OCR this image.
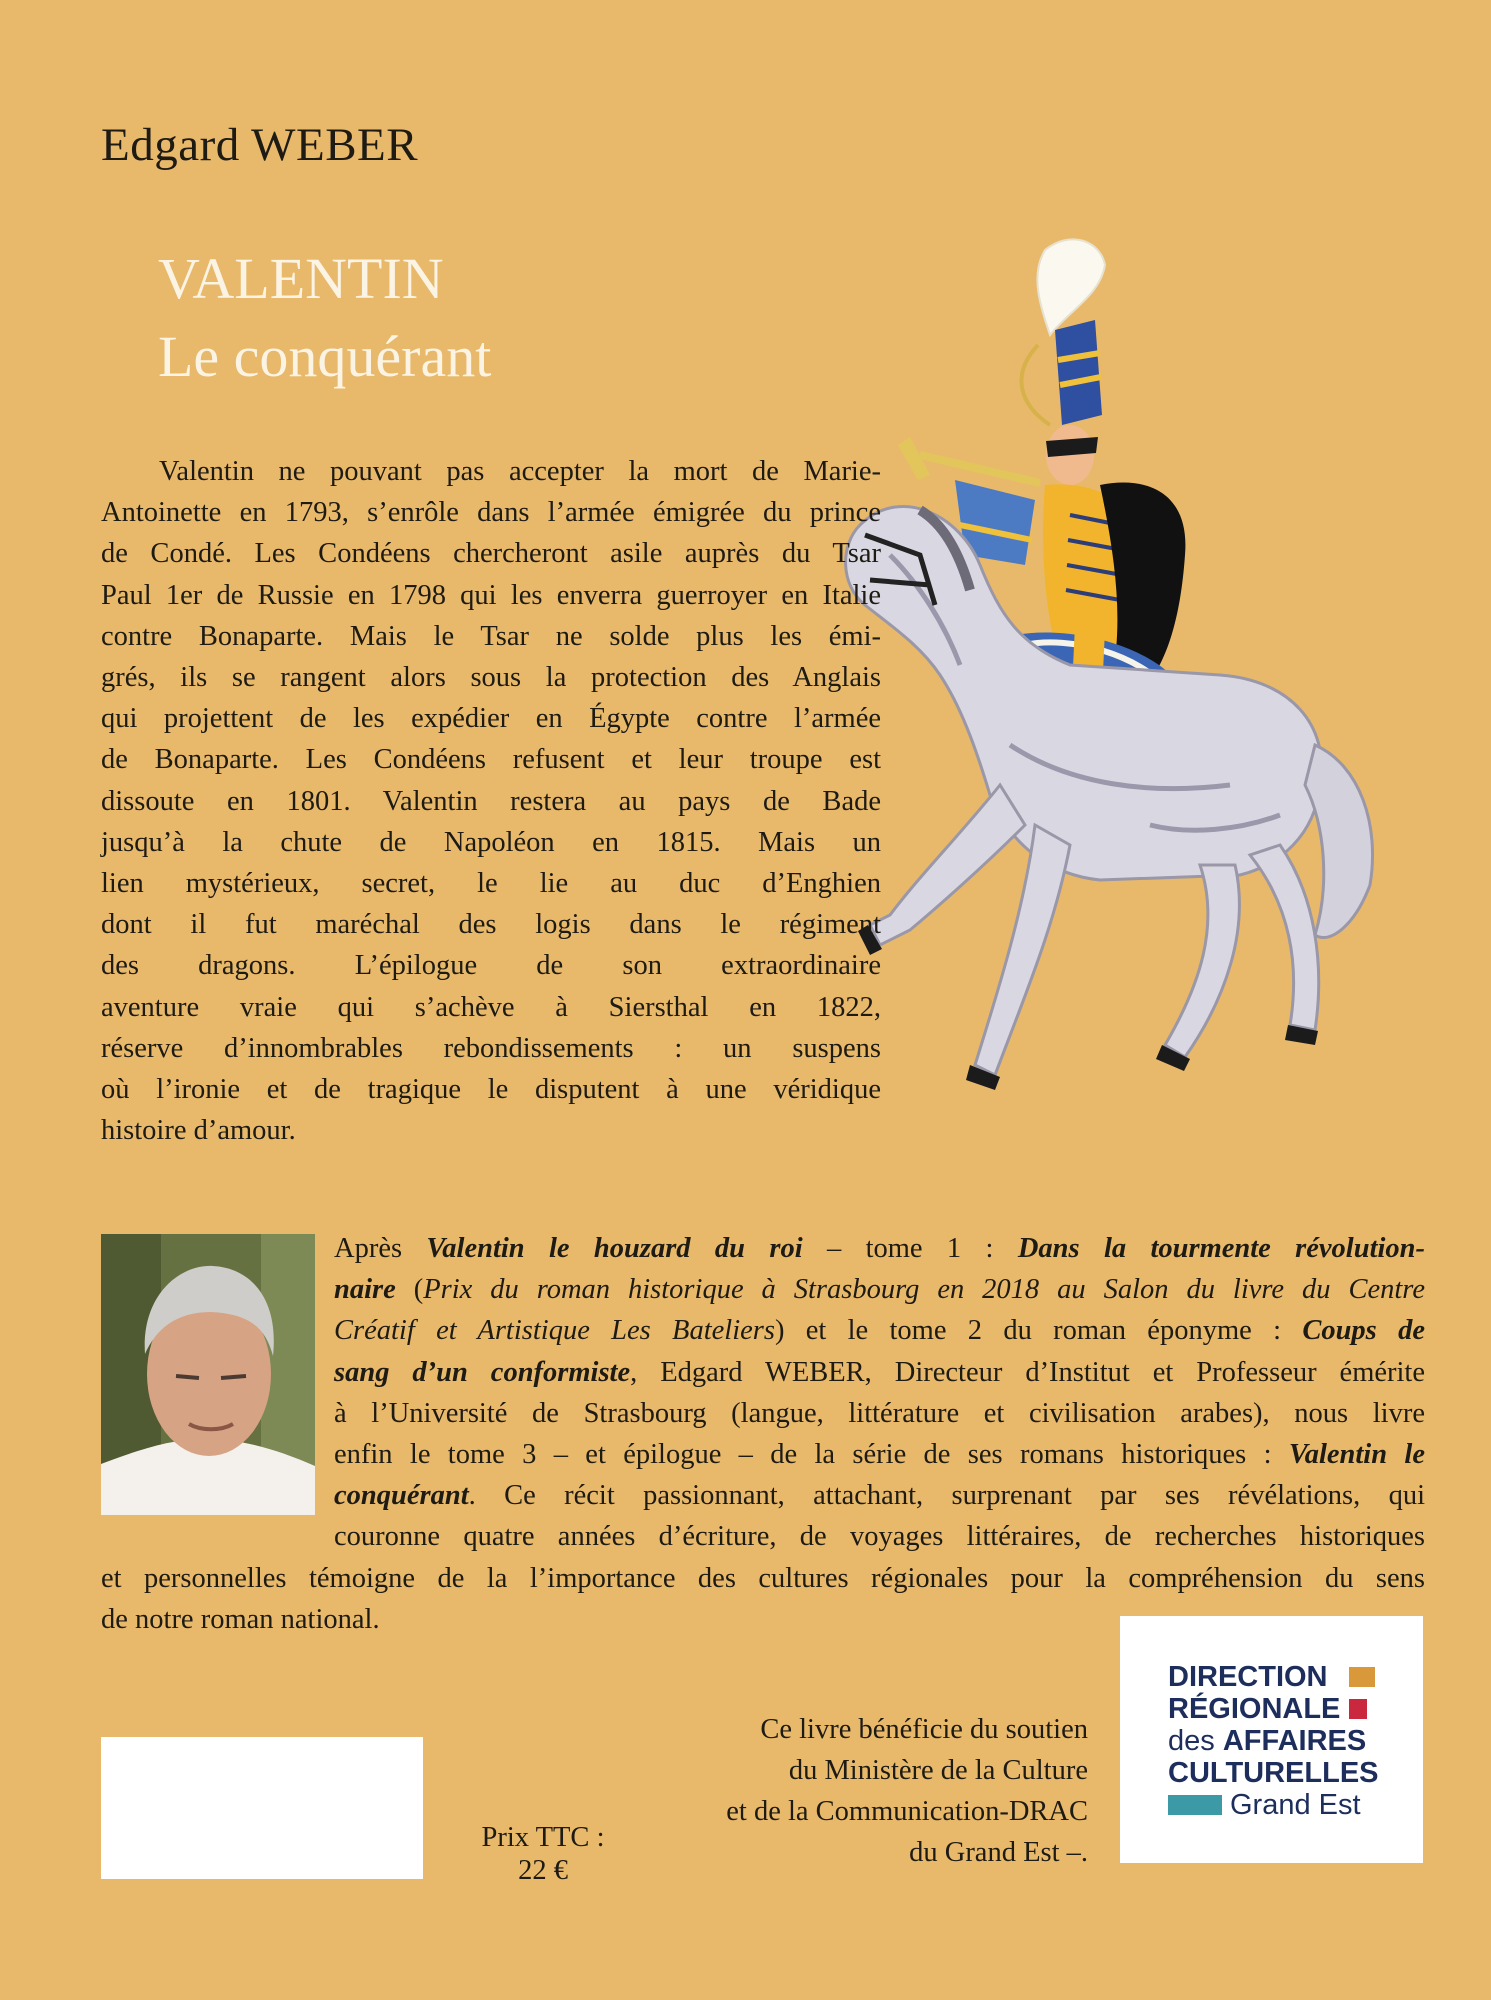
Edgard WEBER
VALENTIN
Le conquérant
Valentin ne pouvant pas accepter la mort de Marie-
Antoinette en 1793, s’enrôle dans l’armée émigrée du prince
de Condé. Les Condéens chercheront asile auprès du Tsar
Paul 1er de Russie en 1798 qui les enverra guerroyer en Italie
contre Bonaparte. Mais le Tsar ne solde plus les émi-
grés, ils se rangent alors sous la protection des Anglais
qui projettent de les expédier en Égypte contre l’armée
de Bonaparte. Les Condéens refusent et leur troupe est
dissoute en 1801. Valentin restera au pays de Bade
jusqu’à la chute de Napoléon en 1815. Mais un
lien mystérieux, secret, le lie au duc d’Enghien
dont il fut maréchal des logis dans le régiment
des dragons. L’épilogue de son extraordinaire
aventure vraie qui s’achève à Siersthal en 1822,
réserve d’innombrables rebondissements : un suspens
où l’ironie et de tragique le disputent à une véridique
histoire d’amour.
Après Valentin le houzard du roi – tome 1 : Dans la tourmente révolution-
naire (Prix du roman historique à Strasbourg en 2018 au Salon du livre du Centre
Créatif et Artistique Les Bateliers) et le tome 2 du roman éponyme : Coups de
sang d’un conformiste, Edgard WEBER, Directeur d’Institut et Professeur émérite
à l’Université de Strasbourg (langue, littérature et civilisation arabes), nous livre
enfin le tome 3 – et épilogue – de la série de ses romans historiques : Valentin le
conquérant. Ce récit passionnant, attachant, surprenant par ses révélations, qui
couronne quatre années d’écriture, de voyages littéraires, de recherches historiques
et personnelles témoigne de la l’importance des cultures régionales pour la compréhension du sens
de notre roman national.
Prix TTC :
22 €
Ce livre bénéficie du soutien
du Ministère de la Culture
et de la Communication-DRAC
du Grand Est –.
DIRECTION
RÉGIONALE
des AFFAIRES
CULTURELLES
Grand Est
